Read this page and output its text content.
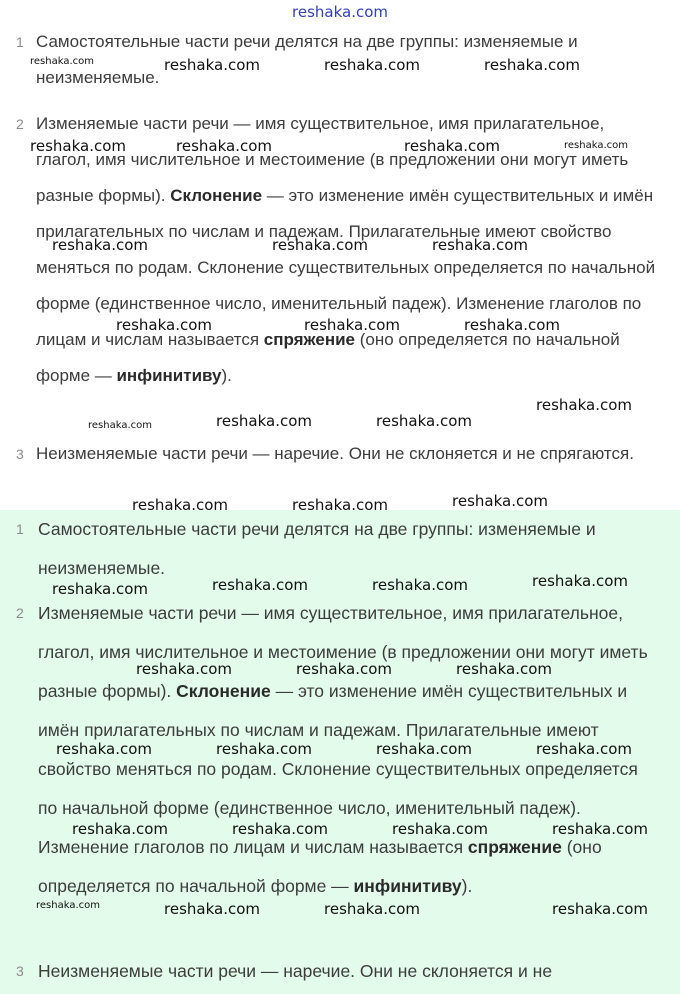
reshaka.com
1 Самостоятельные части речи делятся на две группы: изменяемые и неизменяемые.
2 Изменяемые части речи — имя существительное, имя прилагательное, глагол, имя числительное и местоимение (в предложении они могут иметь разные формы). Склонение — это изменение имён существительных и имён прилагательных по числам и падежам. Прилагательные имеют свойство меняться по родам. Склонение существительных определяется по начальной форме (единственное число, именительный падеж). Изменение глаголов по лицам и числам называется спряжение (оно определяется по начальной форме — инфинитиву).
3 Неизменяемые части речи — наречие. Они не склоняется и не спрягаются.
1 Самостоятельные части речи делятся на две группы: изменяемые и неизменяемые.
2 Изменяемые части речи — имя существительное, имя прилагательное, глагол, имя числительное и местоимение (в предложении они могут иметь разные формы). Склонение — это изменение имён существительных и имён прилагательных по числам и падежам. Прилагательные имеют свойство меняться по родам. Склонение существительных определяется по начальной форме (единственное число, именительный падеж). Изменение глаголов по лицам и числам называется спряжение (оно определяется по начальной форме — инфинитиву).
3 Неизменяемые части речи — наречие. Они не склоняется и не
reshaka.com	reshaka.com	reshaka.com	reshaka.com
reshaka.com	reshaka.com	reshaka.com	reshaka.com
reshaka.com	reshaka.com	reshaka.com
reshaka.com	reshaka.com	reshaka.com
reshaka.com
reshaka.com	reshaka.com	reshaka.com
reshaka.com	reshaka.com	reshaka.com
reshaka.com	reshaka.com	reshaka.com	reshaka.com
reshaka.com	reshaka.com	reshaka.com
reshaka.com	reshaka.com	reshaka.com	reshaka.com
reshaka.com	reshaka.com	reshaka.com	reshaka.com
reshaka.com	reshaka.com	reshaka.com	reshaka.com
